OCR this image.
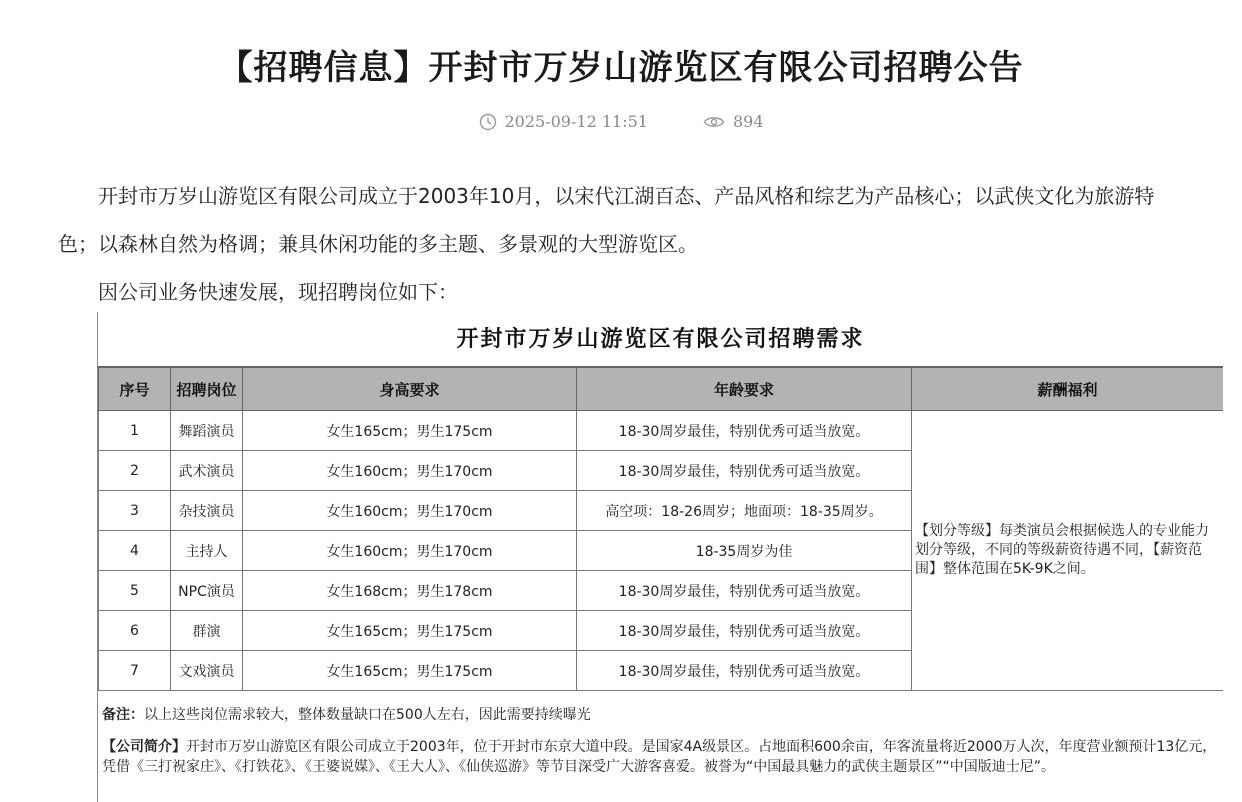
【招聘信息】开封市万岁山游览区有限公司招聘公告
2025-09-12 11:51	894
开封市万岁山游览区有限公司成立于2003年10月，以宋代江湖百态、产品风格和综艺为产品核心；以武侠文化为旅游特色；以森林自然为格调；兼具休闲功能的多主题、多景观的大型游览区。
因公司业务快速发展，现招聘岗位如下：
开封市万岁山游览区有限公司招聘需求
序号	招聘岗位	身高要求	年龄要求	薪酬福利
1	舞蹈演员	女生165cm；男生175cm	18-30周岁最佳，特别优秀可适当放宽。	【划分等级】每类演员会根据候选人的专业能力划分等级，不同的等级薪资待遇不同，【薪资范围】整体范围在5K-9K之间。
2	武术演员	女生160cm；男生170cm	18-30周岁最佳，特别优秀可适当放宽。	
3	杂技演员	女生160cm；男生170cm	高空项：18-26周岁；地面项：18-35周岁。	
4	主持人	女生160cm；男生170cm	18-35周岁为佳	
5	NPC演员	女生168cm；男生178cm	18-30周岁最佳，特别优秀可适当放宽。	
6	群演	女生165cm；男生175cm	18-30周岁最佳，特别优秀可适当放宽。	
7	文戏演员	女生165cm；男生175cm	18-30周岁最佳，特别优秀可适当放宽。	
备注：以上这些岗位需求较大，整体数量缺口在500人左右，因此需要持续曝光
【公司简介】开封市万岁山游览区有限公司成立于2003年，位于开封市东京大道中段。是国家4A级景区。占地面积600余亩，年客流量将近2000万人次，年度营业额预计13亿元，凭借《三打祝家庄》、《打铁花》、《王婆说媒》、《王大人》、《仙侠巡游》等节目深受广大游客喜爱。被誉为“中国最具魅力的武侠主题景区”“中国版迪士尼”。
